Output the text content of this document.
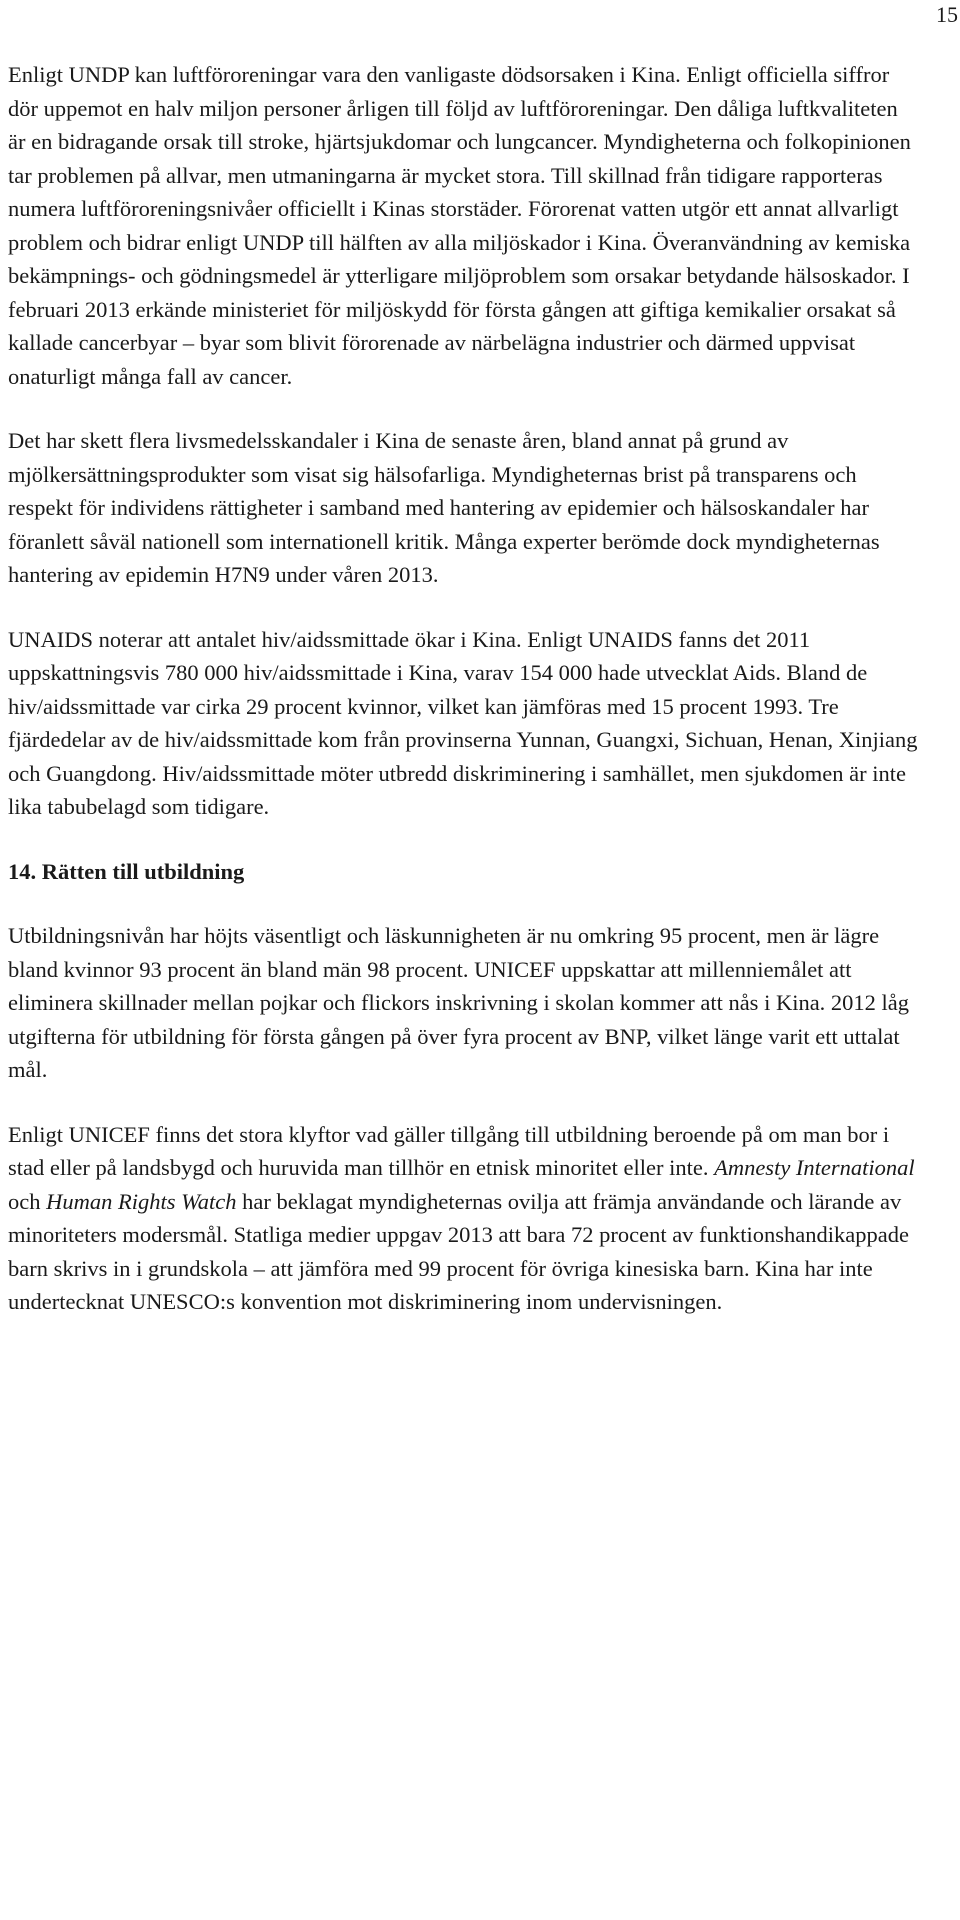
15

Enligt UNDP kan luftföroreningar vara den vanligaste dödsorsaken i Kina. Enligt officiella siffror dör uppemot en halv miljon personer årligen till följd av luftföroreningar. Den dåliga luftkvaliteten är en bidragande orsak till stroke, hjärtsjukdomar och lungcancer. Myndigheterna och folkopinionen tar problemen på allvar, men utmaningarna är mycket stora. Till skillnad från tidigare rapporteras numera luftföroreningsnivåer officiellt i Kinas storstäder. Förorenat vatten utgör ett annat allvarligt problem och bidrar enligt UNDP till hälften av alla miljöskador i Kina. Överanvändning av kemiska bekämpnings- och gödningsmedel är ytterligare miljöproblem som orsakar betydande hälsoskador. I februari 2013 erkände ministeriet för miljöskydd för första gången att giftiga kemikalier orsakat så kallade cancerbyar – byar som blivit förorenade av närbelägna industrier och därmed uppvisat onaturligt många fall av cancer.

Det har skett flera livsmedelsskandaler i Kina de senaste åren, bland annat på grund av mjölkersättningsprodukter som visat sig hälsofarliga. Myndigheternas brist på transparens och respekt för individens rättigheter i samband med hantering av epidemier och hälsoskandaler har föranlett såväl nationell som internationell kritik. Många experter berömde dock myndigheternas hantering av epidemin H7N9 under våren 2013.

UNAIDS noterar att antalet hiv/aidssmittade ökar i Kina. Enligt UNAIDS fanns det 2011 uppskattningsvis 780 000 hiv/aidssmittade i Kina, varav 154 000 hade utvecklat Aids. Bland de hiv/aidssmittade var cirka 29 procent kvinnor, vilket kan jämföras med 15 procent 1993. Tre fjärdedelar av de hiv/aidssmittade kom från provinserna Yunnan, Guangxi, Sichuan, Henan, Xinjiang och Guangdong. Hiv/aidssmittade möter utbredd diskriminering i samhället, men sjukdomen är inte lika tabubelagd som tidigare.

14. Rätten till utbildning

Utbildningsnivån har höjts väsentligt och läskunnigheten är nu omkring 95 procent, men är lägre bland kvinnor 93 procent än bland män 98 procent. UNICEF uppskattar att millenniemålet att eliminera skillnader mellan pojkar och flickors inskrivning i skolan kommer att nås i Kina. 2012 låg utgifterna för utbildning för första gången på över fyra procent av BNP, vilket länge varit ett uttalat mål.

Enligt UNICEF finns det stora klyftor vad gäller tillgång till utbildning beroende på om man bor i stad eller på landsbygd och huruvida man tillhör en etnisk minoritet eller inte. Amnesty International och Human Rights Watch har beklagat myndigheternas ovilja att främja användande och lärande av minoriteters modersmål. Statliga medier uppgav 2013 att bara 72 procent av funktionshandikappade barn skrivs in i grundskola – att jämföra med 99 procent för övriga kinesiska barn. Kina har inte undertecknat UNESCO:s konvention mot diskriminering inom undervisningen.
